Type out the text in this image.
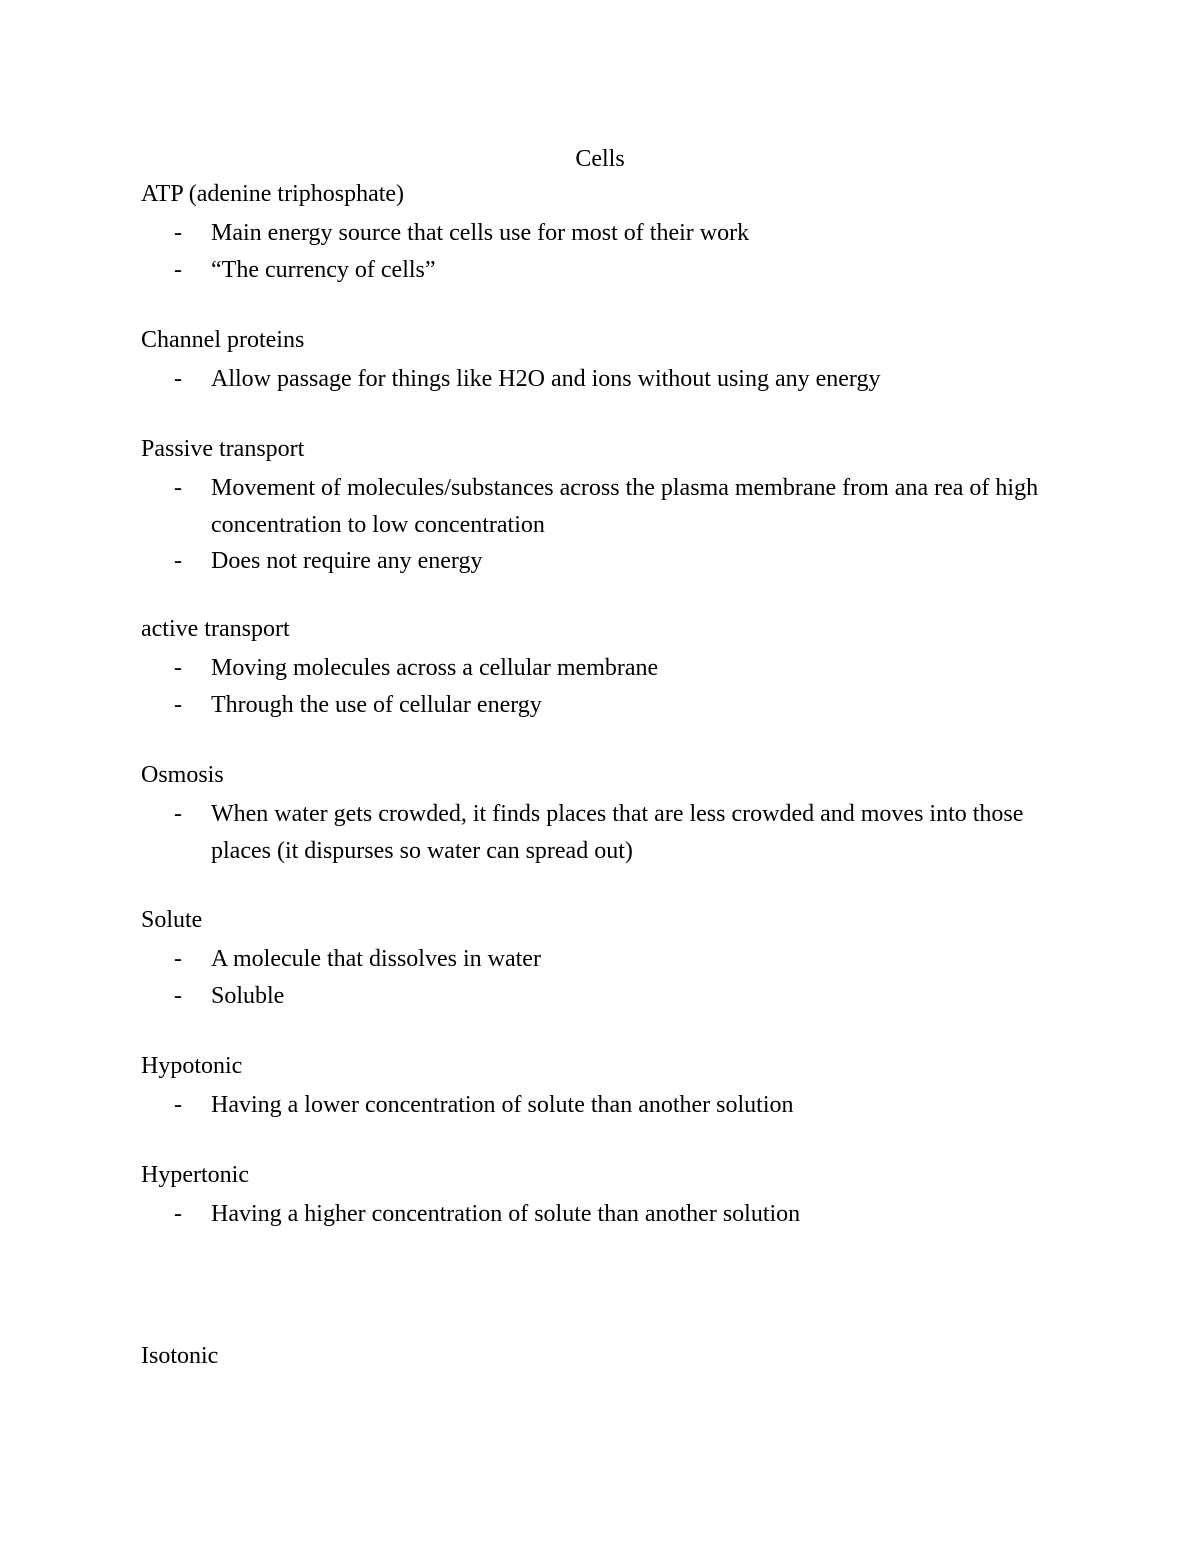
Cells

ATP (adenine triphosphate)

- Main energy source that cells use for most of their work
- “The currency of cells”

Channel proteins

- Allow passage for things like H2O and ions without using any energy

Passive transport

- Movement of molecules/substances across the plasma membrane from ana rea of high concentration to low concentration
- Does not require any energy

active transport

- Moving molecules across a cellular membrane
- Through the use of cellular energy

Osmosis

- When water gets crowded, it finds places that are less crowded and moves into those places (it dispurses so water can spread out)

Solute

- A molecule that dissolves in water
- Soluble

Hypotonic

- Having a lower concentration of solute than another solution

Hypertonic

- Having a higher concentration of solute than another solution

Isotonic
